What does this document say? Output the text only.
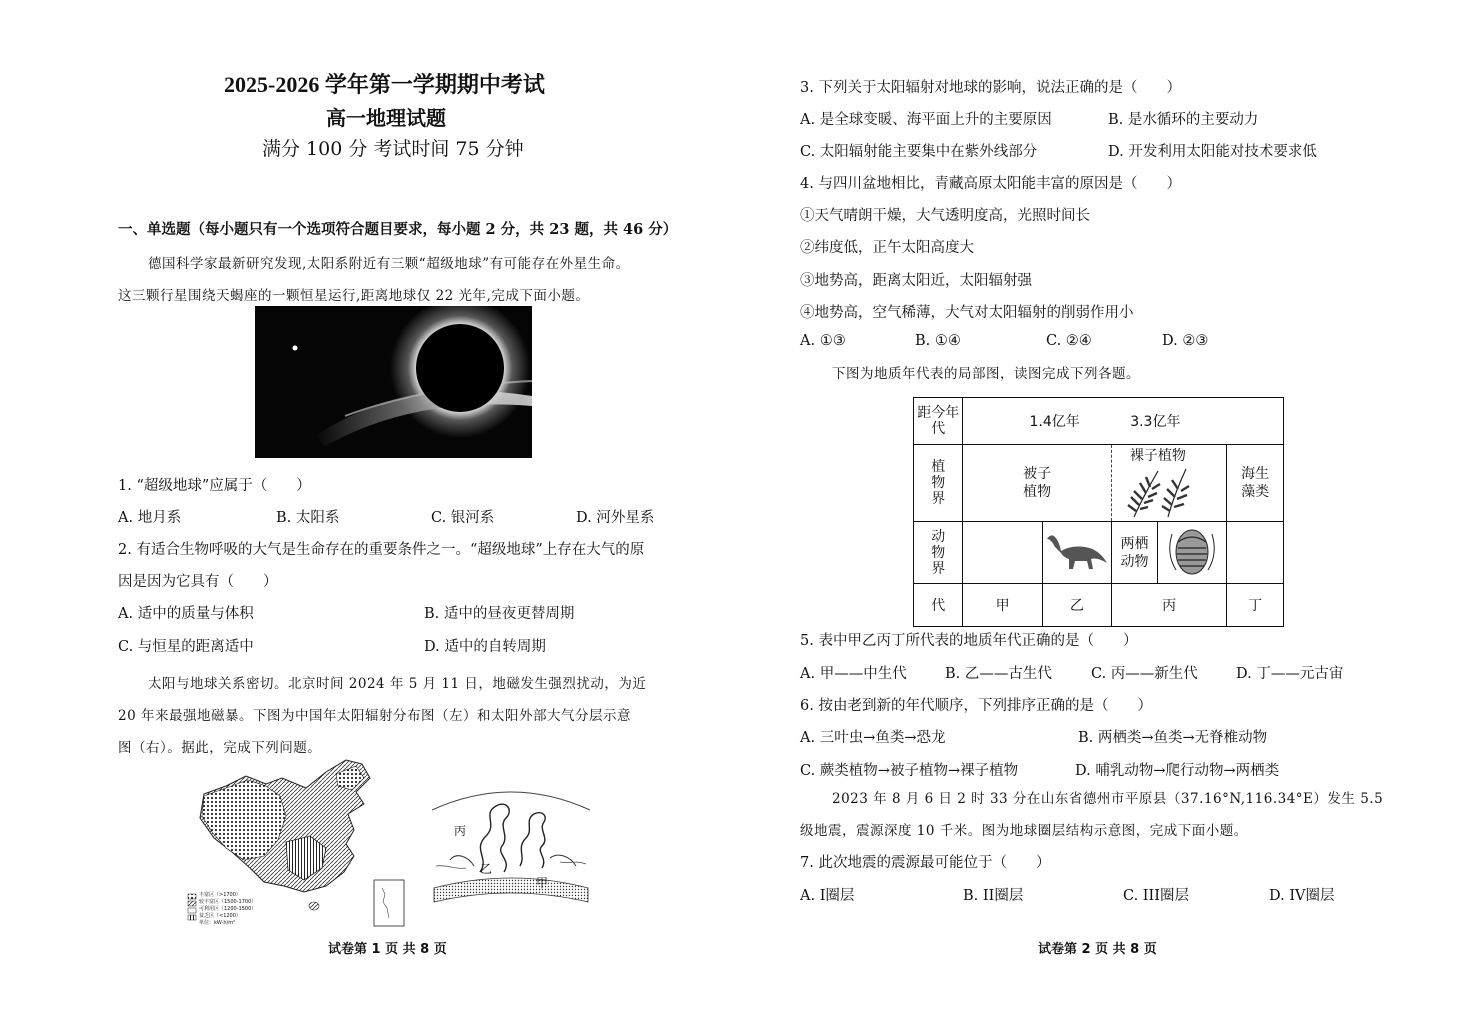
2025-2026 学年第一学期期中考试
高一地理试题
满分 100 分 考试时间 75 分钟
一、单选题（每小题只有一个选项符合题目要求，每小题 2 分，共 23 题，共 46 分）
德国科学家最新研究发现,太阳系附近有三颗“超级地球”有可能存在外星生命。
这三颗行星围绕天蝎座的一颗恒星运行,距离地球仅 22 光年,完成下面小题。
1. “超级地球”应属于（　　）
A. 地月系	B. 太阳系	C. 银河系	D. 河外星系
2. 有适合生物呼吸的大气是生命存在的重要条件之一。“超级地球”上存在大气的原
因是因为它具有（　　）
A. 适中的质量与体积	B. 适中的昼夜更替周期
C. 与恒星的距离适中	D. 适中的自转周期
太阳与地球关系密切。北京时间 2024 年 5 月 11 日，地磁发生强烈扰动，为近
20 年来最强地磁暴。下图为中国年太阳辐射分布图（左）和太阳外部大气分层示意
图（右）。据此，完成下列问题。
丰富区（>1700）
较丰富区（1500-1700）
可利用区（1200-1500）
贫乏区（<1200）
单位：kW·h/m²
丙
乙
甲
试卷第 1 页 共 8 页
3. 下列关于太阳辐射对地球的影响，说法正确的是（　　）
A. 是全球变暖、海平面上升的主要原因	B. 是水循环的主要动力
C. 太阳辐射能主要集中在紫外线部分	D. 开发利用太阳能对技术要求低
4. 与四川盆地相比，青藏高原太阳能丰富的原因是（　　）
①天气晴朗干燥，大气透明度高，光照时间长
②纬度低，正午太阳高度大
③地势高，距离太阳近，太阳辐射强
④地势高，空气稀薄，大气对太阳辐射的削弱作用小
A. ①③	B. ①④	C. ②④	D. ②③
下图为地质年代表的局部图，读图完成下列各题。
距今年代	1.4亿年 3.3亿年				

植物界	被子植物		裸子植物		海生藻类

动物界			两栖动物

代	甲	乙	丙		丁
5. 表中甲乙丙丁所代表的地质年代正确的是（　　）
A. 甲——中生代	B. 乙——古生代	C. 丙——新生代	D. 丁——元古宙
6. 按由老到新的年代顺序，下列排序正确的是（　　）
A. 三叶虫→鱼类→恐龙	B. 两栖类→鱼类→无脊椎动物
C. 蕨类植物→被子植物→裸子植物	D. 哺乳动物→爬行动物→两栖类
2023 年 8 月 6 日 2 时 33 分在山东省德州市平原县（37.16°N,116.34°E）发生 5.5
级地震，震源深度 10 千米。图为地球圈层结构示意图，完成下面小题。
7. 此次地震的震源最可能位于（　　）
A. I圈层	B. II圈层	C. III圈层	D. IV圈层
试卷第 2 页 共 8 页
